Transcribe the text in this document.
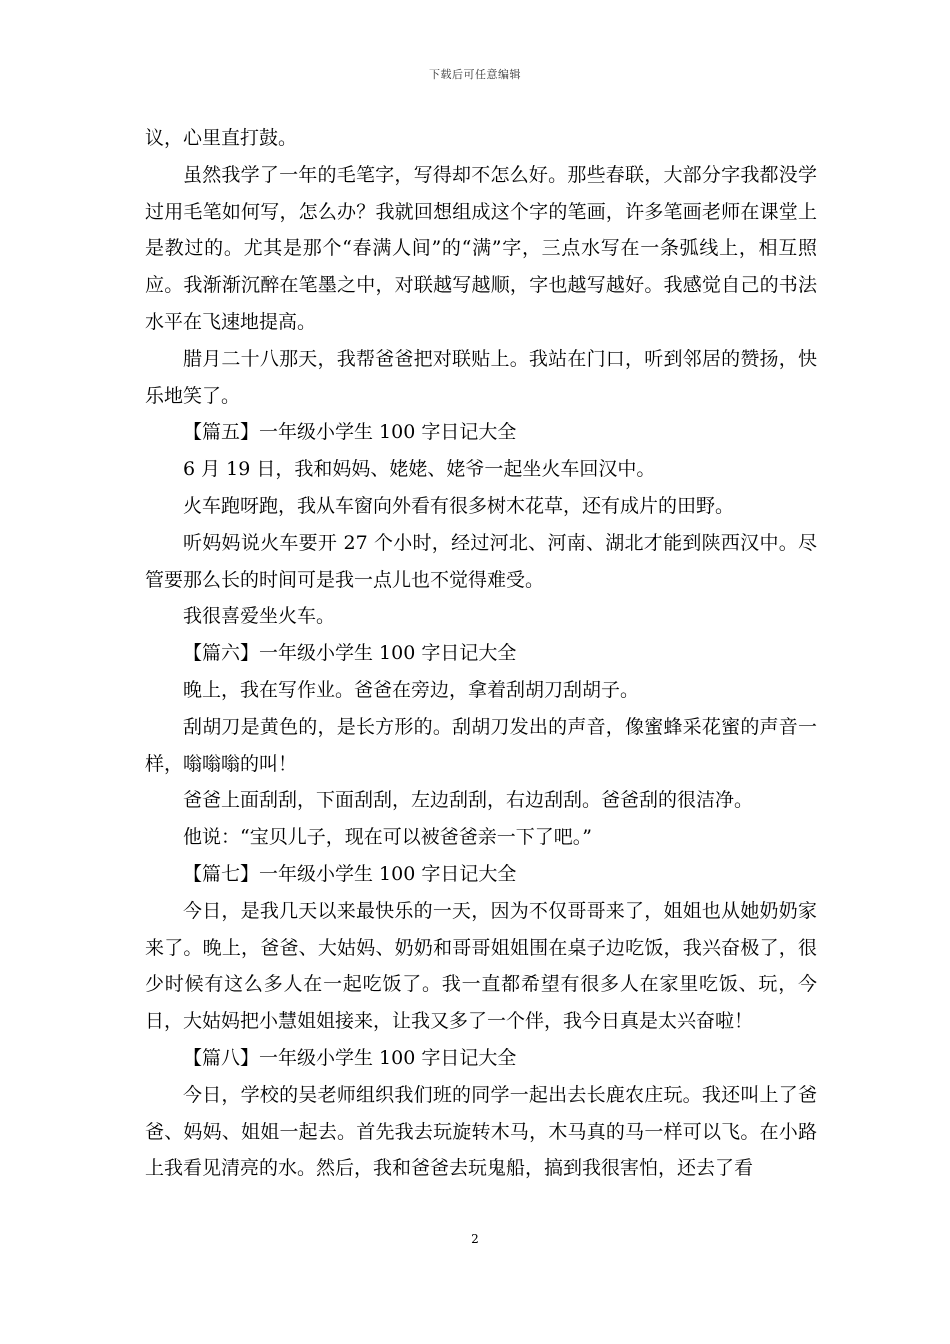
下载后可任意编辑

议，心里直打鼓。

虽然我学了一年的毛笔字，写得却不怎么好。那些春联，大部分字我都没学过用毛笔如何写，怎么办？我就回想组成这个字的笔画，许多笔画老师在课堂上是教过的。尤其是那个“春满人间”的“满”字，三点水写在一条弧线上，相互照应。我渐渐沉醉在笔墨之中，对联越写越顺，字也越写越好。我感觉自己的书法水平在飞速地提高。

腊月二十八那天，我帮爸爸把对联贴上。我站在门口，听到邻居的赞扬，快乐地笑了。

【篇五】一年级小学生 100 字日记大全

6 月 19 日，我和妈妈、姥姥、姥爷一起坐火车回汉中。

火车跑呀跑，我从车窗向外看有很多树木花草，还有成片的田野。

听妈妈说火车要开 27 个小时，经过河北、河南、湖北才能到陕西汉中。尽管要那么长的时间可是我一点儿也不觉得难受。

我很喜爱坐火车。

【篇六】一年级小学生 100 字日记大全

晚上，我在写作业。爸爸在旁边，拿着刮胡刀刮胡子。

刮胡刀是黄色的，是长方形的。刮胡刀发出的声音，像蜜蜂采花蜜的声音一样，嗡嗡嗡的叫！

爸爸上面刮刮，下面刮刮，左边刮刮，右边刮刮。爸爸刮的很洁净。

他说：“宝贝儿子，现在可以被爸爸亲一下了吧。”

【篇七】一年级小学生 100 字日记大全

今日，是我几天以来最快乐的一天，因为不仅哥哥来了，姐姐也从她奶奶家来了。晚上，爸爸、大姑妈、奶奶和哥哥姐姐围在桌子边吃饭，我兴奋极了，很少时候有这么多人在一起吃饭了。我一直都希望有很多人在家里吃饭、玩，今日，大姑妈把小慧姐姐接来，让我又多了一个伴，我今日真是太兴奋啦！

【篇八】一年级小学生 100 字日记大全

今日，学校的吴老师组织我们班的同学一起出去长鹿农庄玩。我还叫上了爸爸、妈妈、姐姐一起去。首先我去玩旋转木马，木马真的马一样可以飞。在小路上我看见清亮的水。然后，我和爸爸去玩鬼船，搞到我很害怕，还去了看

2
